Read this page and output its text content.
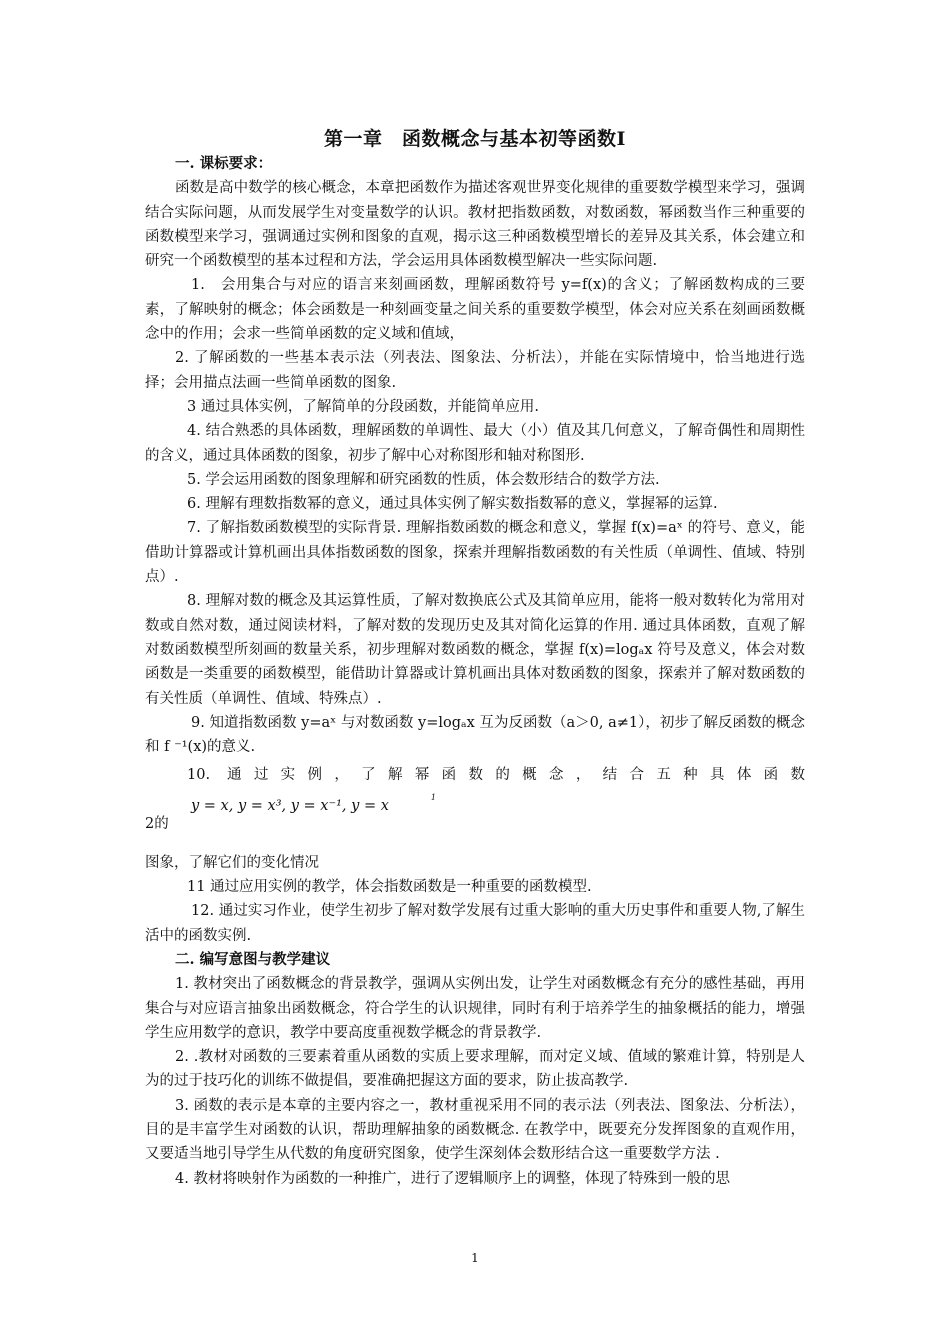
第一章　函数概念与基本初等函数Ⅰ

一. 课标要求：

函数是高中数学的核心概念，本章把函数作为描述客观世界变化规律的重要数学模型来学习，强调结合实际问题，从而发展学生对变量数学的认识。教材把指数函数，对数函数，幂函数当作三种重要的函数模型来学习，强调通过实例和图象的直观，揭示这三种函数模型增长的差异及其关系，体会建立和研究一个函数模型的基本过程和方法，学会运用具体函数模型解决一些实际问题.

1.　会用集合与对应的语言来刻画函数，理解函数符号 y=f(x)的含义；了解函数构成的三要素，了解映射的概念；体会函数是一种刻画变量之间关系的重要数学模型，体会对应关系在刻画函数概念中的作用；会求一些简单函数的定义域和值域，

2. 了解函数的一些基本表示法（列表法、图象法、分析法），并能在实际情境中，恰当地进行选择；会用描点法画一些简单函数的图象.

3 通过具体实例，了解简单的分段函数，并能简单应用.

4. 结合熟悉的具体函数，理解函数的单调性、最大（小）值及其几何意义，了解奇偶性和周期性的含义，通过具体函数的图象，初步了解中心对称图形和轴对称图形.

5. 学会运用函数的图象理解和研究函数的性质，体会数形结合的数学方法.

6. 理解有理数指数幂的意义，通过具体实例了解实数指数幂的意义，掌握幂的运算.

7. 了解指数函数模型的实际背景. 理解指数函数的概念和意义，掌握 f(x)=aˣ 的符号、意义，能借助计算器或计算机画出具体指数函数的图象，探索并理解指数函数的有关性质（单调性、值域、特别点）.

8. 理解对数的概念及其运算性质，了解对数换底公式及其简单应用，能将一般对数转化为常用对数或自然对数，通过阅读材料，了解对数的发现历史及其对简化运算的作用. 通过具体函数，直观了解对数函数模型所刻画的数量关系，初步理解对数函数的概念，掌握 f(x)=logₐx 符号及意义，体会对数函数是一类重要的函数模型，能借助计算器或计算机画出具体对数函数的图象，探索并了解对数函数的有关性质（单调性、值域、特殊点）.

9. 知道指数函数 y=aˣ 与对数函数 y=logₐx 互为反函数（a＞0, a≠1），初步了解反函数的概念和 f ⁻¹(x)的意义.

10. 通过实例，了解幂函数的概念，结合五种具体函数y = x, y = x³, y = x⁻¹, y = x1

2的

图象，了解它们的变化情况

11 通过应用实例的教学，体会指数函数是一种重要的函数模型.

12. 通过实习作业，使学生初步了解对数学发展有过重大影响的重大历史事件和重要人物,了解生活中的函数实例.

二. 编写意图与教学建议

1. 教材突出了函数概念的背景教学，强调从实例出发，让学生对函数概念有充分的感性基础，再用集合与对应语言抽象出函数概念，符合学生的认识规律，同时有利于培养学生的抽象概括的能力，增强学生应用数学的意识，教学中要高度重视数学概念的背景教学.

2. .教材对函数的三要素着重从函数的实质上要求理解，而对定义域、值域的繁难计算，特别是人为的过于技巧化的训练不做提倡，要准确把握这方面的要求，防止拔高教学.

3. 函数的表示是本章的主要内容之一，教材重视采用不同的表示法（列表法、图象法、分析法），目的是丰富学生对函数的认识，帮助理解抽象的函数概念. 在教学中，既要充分发挥图象的直观作用，又要适当地引导学生从代数的角度研究图象，使学生深刻体会数形结合这一重要数学方法 .

4. 教材将映射作为函数的一种推广，进行了逻辑顺序上的调整，体现了特殊到一般的思

1
